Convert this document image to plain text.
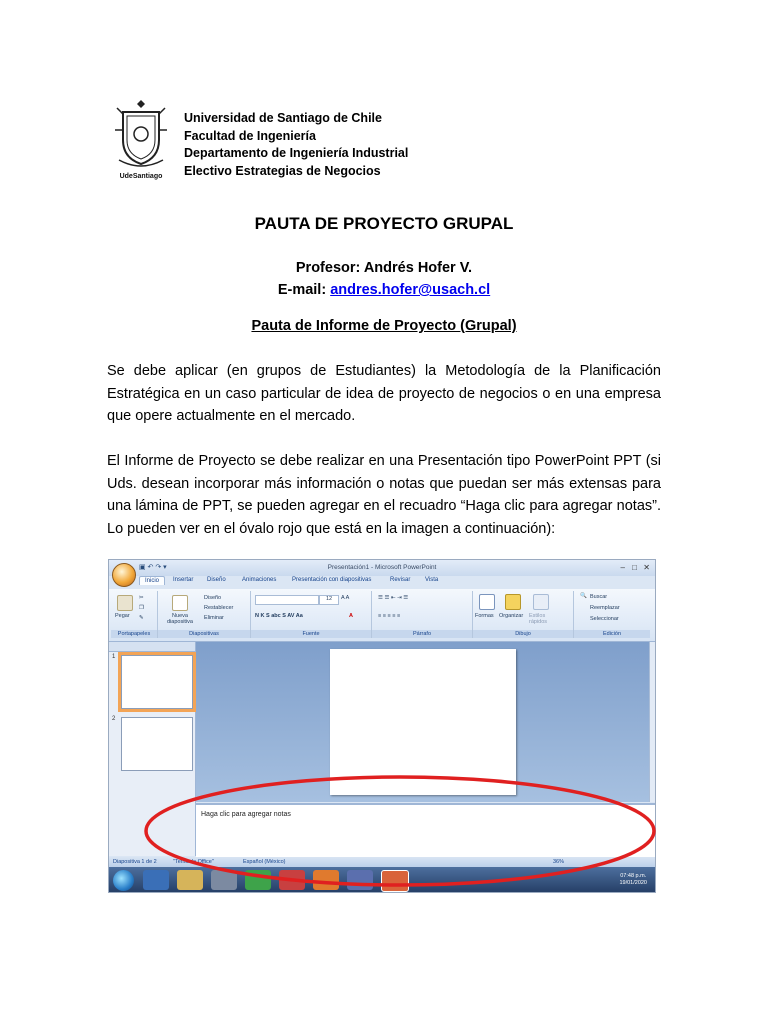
UdeSantiago
Universidad de Santiago de Chile
Facultad de Ingeniería
Departamento de Ingeniería Industrial
Electivo Estrategias de Negocios
PAUTA DE PROYECTO GRUPAL
Profesor: Andrés Hofer V.
E-mail: andres.hofer@usach.cl
Pauta de Informe de Proyecto (Grupal)
Se debe aplicar (en grupos de Estudiantes) la Metodología de la Planificación Estratégica en un caso particular de idea de proyecto de negocios o en una empresa que opere actualmente en el mercado.
El Informe de Proyecto se debe realizar en una Presentación tipo PowerPoint PPT (si Uds. desean incorporar más información o notas que puedan ser más extensas para una lámina de PPT, se pueden agregar en el recuadro “Haga clic para agregar notas”. Lo pueden ver en el óvalo rojo que está en la imagen a continuación):
Presentación1 - Microsoft PowerPoint	– □ ✕
▣ ↶ ↷ ▾
Inicio	Insertar Diseño	Animaciones	Presentación con diapositivas	Revisar Vista
Pegar
✂
❐
✎
Portapapeles
Nueva diapositiva
Diseño
Restablecer
Eliminar
Diapositivas
12	A A
N K S abc S AV Aa	A
Fuente
☰ ☰ ⇤ ⇥ ☰
≡ ≡ ≡ ≡ ≡
Párrafo
Formas Organizar Estilos rápidos
Dibujo
🔍 Buscar
Reemplazar
Seleccionar
Edición
1
2
Haga clic para agregar notas
Diapositiva 1 de 2	"Tema de Office"	Español (México)	36%
07:48 p.m.
19/01/2020
